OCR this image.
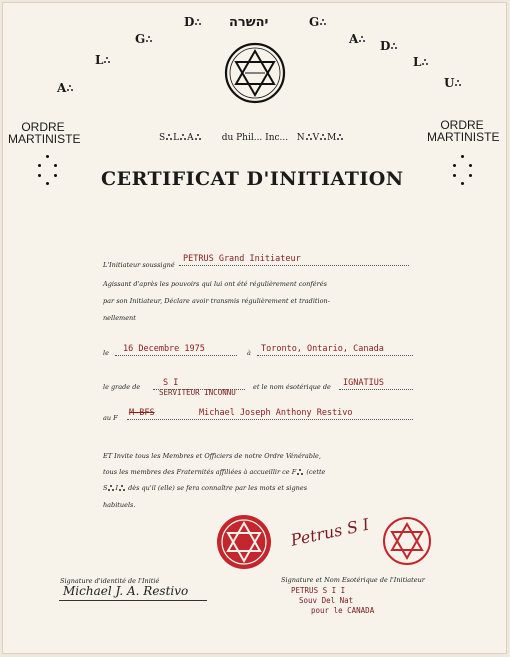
A
L
G
D	יהשרה	G
A	D
L
U
ORDRE
MARTINISTE
ORDRE
MARTINISTE
S L A	du Phil... Inc... N V M
CERTIFICAT D'INITIATION
L'Initiateur soussigné
PETRUS Grand Initiateur
Agissant d'après les pouvoirs qui lui ont été régulièrement conférés
par son Initiateur, Déclare avoir transmis régulièrement et tradition-
nellement
le 16 Decembre 1975	à Toronto, Ontario, Canada
le grade de	S I
SERVITEUR INCONNU
et le nom ésotérique de IGNATIUS
au F M-BFS	Michael Joseph Anthony Restivo
ET Invite tous les Membres et Officiers de notre Ordre Vénérable,
tous les membres des Fraternités affiliées à accueillir ce F (cette
S I dès qu'il (elle) se fera connaître par les mots et signes
habituels.
Petrus S I
Signature d'identité de l'Initié
Michael J. A. Restivo
Signature et Nom Esotérique de l'Initiateur
PETRUS S I I
Souv Del Nat
pour le CANADA
